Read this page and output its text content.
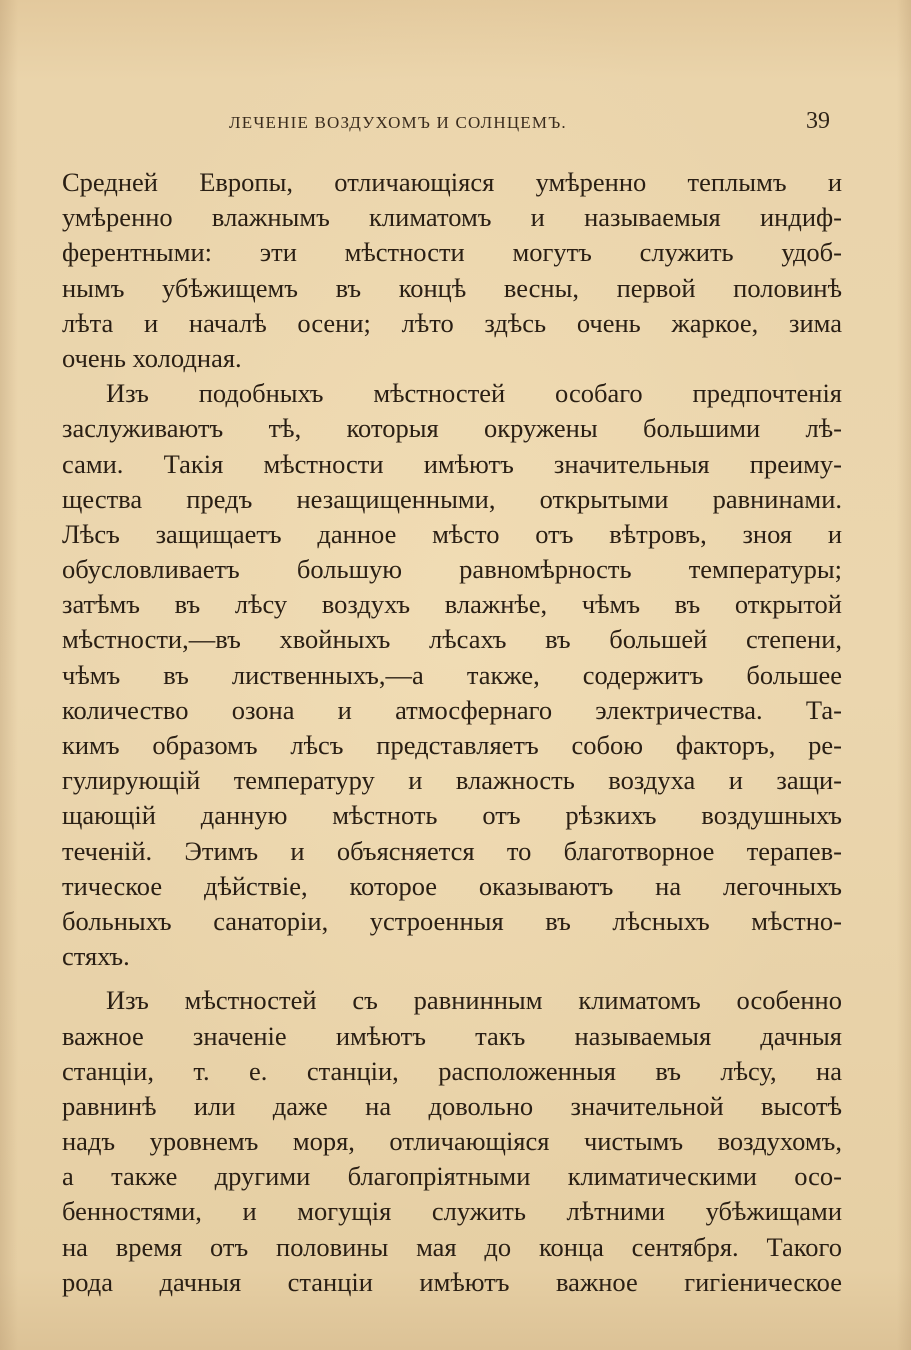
ЛЕЧЕНІЕ ВОЗДУХОМЪ И СОЛНЦЕМЪ.	39
Средней Европы, отличающіяся умѣренно теплымъ и
умѣренно влажнымъ климатомъ и называемыя индиф-
ферентными: эти мѣстности могутъ служить удоб-
нымъ убѣжищемъ въ концѣ весны, первой половинѣ
лѣта и началѣ осени; лѣто здѣсь очень жаркое, зима
очень холодная.
Изъ подобныхъ мѣстностей особаго предпочтенія
заслуживаютъ тѣ, которыя окружены большими лѣ-
сами. Такія мѣстности имѣютъ значительныя преиму-
щества предъ незащищенными, открытыми равнинами.
Лѣсъ защищаетъ данное мѣсто отъ вѣтровъ, зноя и
обусловливаетъ большую равномѣрность температуры;
затѣмъ въ лѣсу воздухъ влажнѣе, чѣмъ въ открытой
мѣстности,—въ хвойныхъ лѣсахъ въ большей степени,
чѣмъ въ лиственныхъ,—а также, содержитъ большее
количество озона и атмосфернаго электричества. Та-
кимъ образомъ лѣсъ представляетъ собою факторъ, ре-
гулирующій температуру и влажность воздуха и защи-
щающій данную мѣстноть отъ рѣзкихъ воздушныхъ
теченій. Этимъ и объясняется то благотворное терапев-
тическое дѣйствіе, которое оказываютъ на легочныхъ
больныхъ санаторіи, устроенныя въ лѣсныхъ мѣстно-
стяхъ.
Изъ мѣстностей съ равнинным климатомъ особенно
важное значеніе имѣютъ такъ называемыя дачныя
станціи, т. е. станціи, расположенныя въ лѣсу, на
равнинѣ или даже на довольно значительной высотѣ
надъ уровнемъ моря, отличающіяся чистымъ воздухомъ,
а также другими благопріятными климатическими осо-
бенностями, и могущія служить лѣтними убѣжищами
на время отъ половины мая до конца сентября. Такого
рода дачныя станціи имѣютъ важное гигіеническое
